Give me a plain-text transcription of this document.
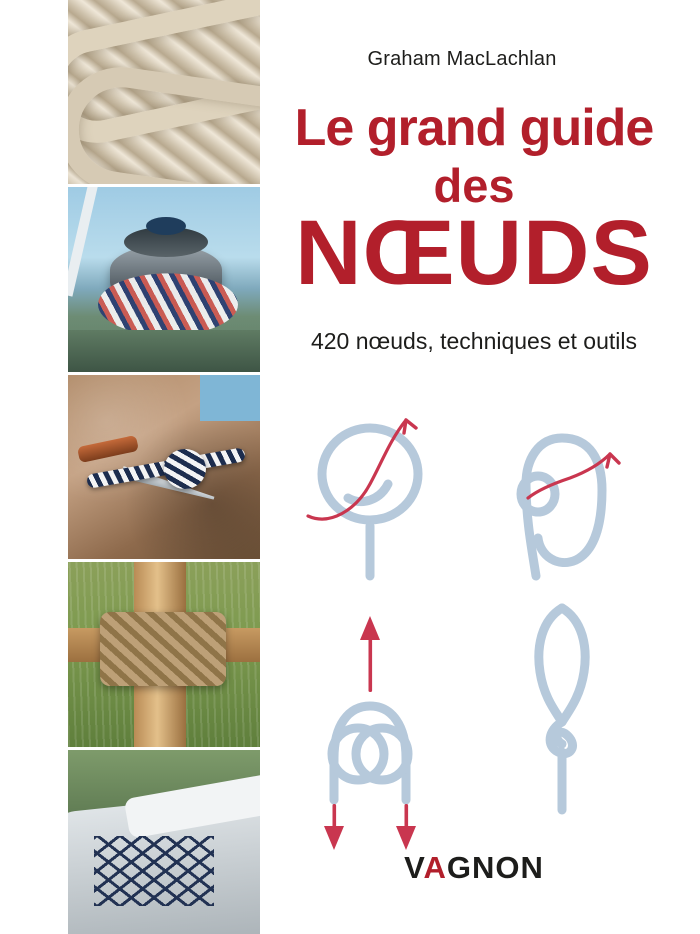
Graham MacLachlan
Le grand guide
des
NŒUDS
420 nœuds, techniques et outils
VAGNON
